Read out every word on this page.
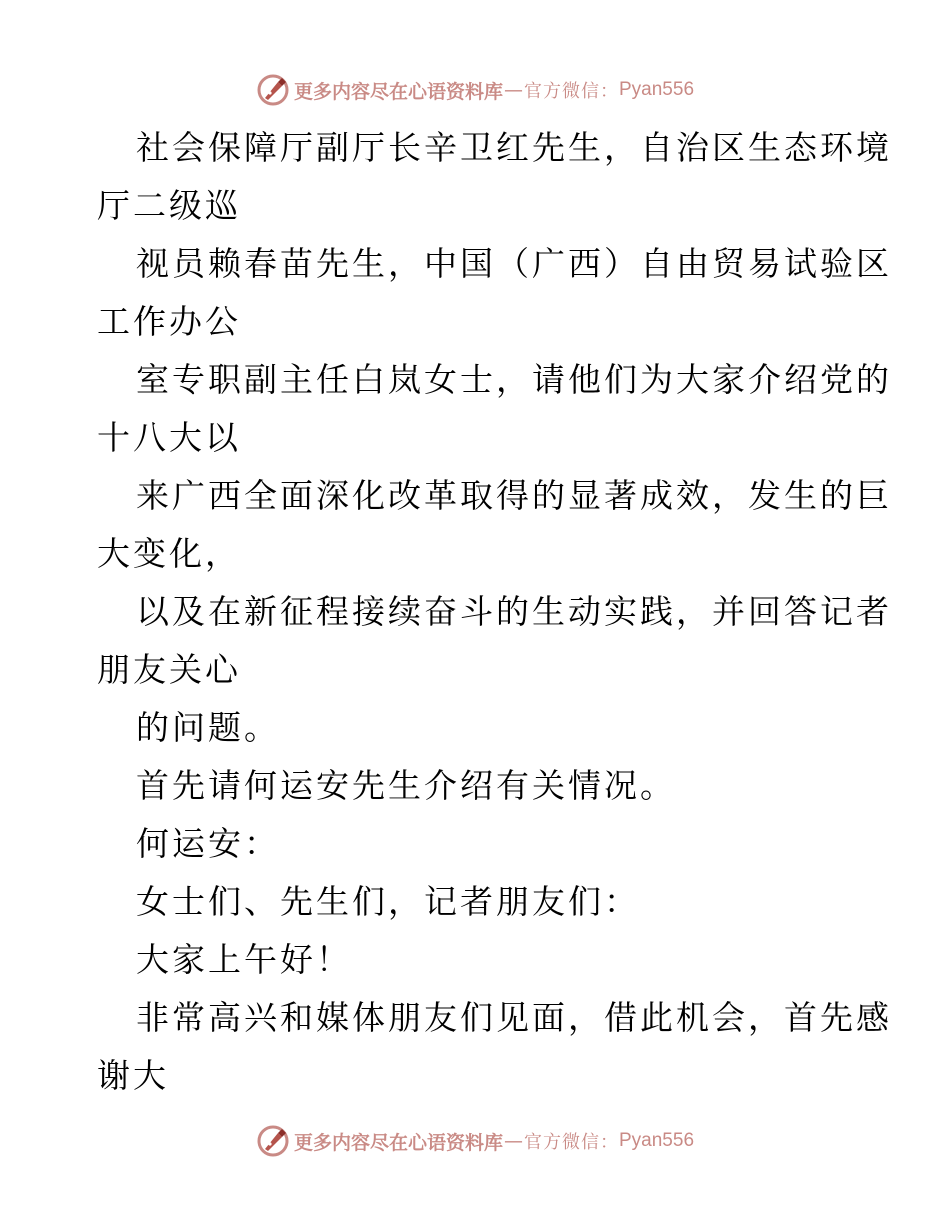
更多内容尽在心语资料库 — 官方微信： Pyan556
社会保障厅副厅长辛卫红先生，自治区生态环境
厅二级巡
视员赖春苗先生，中国（广西）自由贸易试验区
工作办公
室专职副主任白岚女士，请他们为大家介绍党的
十八大以
来广西全面深化改革取得的显著成效，发生的巨
大变化，
以及在新征程接续奋斗的生动实践，并回答记者
朋友关心
的问题。
首先请何运安先生介绍有关情况。
何运安：
女士们、先生们，记者朋友们：
大家上午好！
非常高兴和媒体朋友们见面，借此机会，首先感
谢大
更多内容尽在心语资料库 — 官方微信： Pyan556
